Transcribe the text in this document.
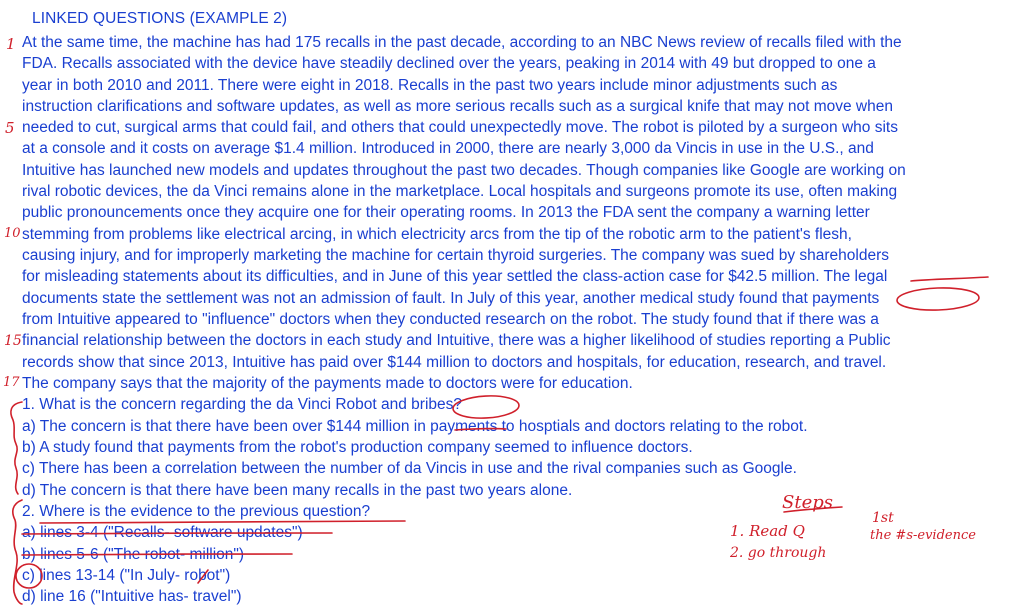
LINKED QUESTIONS (EXAMPLE 2)
At the same time, the machine has had 175 recalls in the past decade, according to an NBC News review of recalls filed with the
FDA. Recalls associated with the device have steadily declined over the years, peaking in 2014 with 49 but dropped to one a
year in both 2010 and 2011. There were eight in 2018. Recalls in the past two years include minor adjustments such as
instruction clarifications and software updates, as well as more serious recalls such as a surgical knife that may not move when
needed to cut, surgical arms that could fail, and others that could unexpectedly move. The robot is piloted by a surgeon who sits
at a console and it costs on average $1.4 million. Introduced in 2000, there are nearly 3,000 da Vincis in use in the U.S., and
Intuitive has launched new models and updates throughout the past two decades. Though companies like Google are working on
rival robotic devices, the da Vinci remains alone in the marketplace. Local hospitals and surgeons promote its use, often making
public pronouncements once they acquire one for their operating rooms. In 2013 the FDA sent the company a warning letter
stemming from problems like electrical arcing, in which electricity arcs from the tip of the robotic arm to the patient's flesh,
causing injury, and for improperly marketing the machine for certain thyroid surgeries. The company was sued by shareholders
for misleading statements about its difficulties, and in June of this year settled the class-action case for $42.5 million. The legal
documents state the settlement was not an admission of fault. In July of this year, another medical study found that payments
from Intuitive appeared to "influence" doctors when they conducted research on the robot. The study found that if there was a
financial relationship between the doctors in each study and Intuitive, there was a higher likelihood of studies reporting a Public
records show that since 2013, Intuitive has paid over $144 million to doctors and hospitals, for education, research, and travel.
The company says that the majority of the payments made to doctors were for education.
1. What is the concern regarding the da Vinci Robot and bribes?
a) The concern is that there have been over $144 million in payments to hosptials and doctors relating to the robot.
b) A study found that payments from the robot's production company seemed to influence doctors.
c) There has been a correlation between the number of da Vincis in use and the rival companies such as Google.
d) The concern is that there have been many recalls in the past two years alone.
2. Where is the evidence to the previous question?
a) lines 3-4 ("Recalls- software updates")
b) lines 5-6 ("The robot- million")
c) lines 13-14 ("In July- robot")
d) line 16 ("Intuitive has- travel")
1
5
10
15
17
Steps
1. Read Q
1st
2. go through
the #s-evidence
